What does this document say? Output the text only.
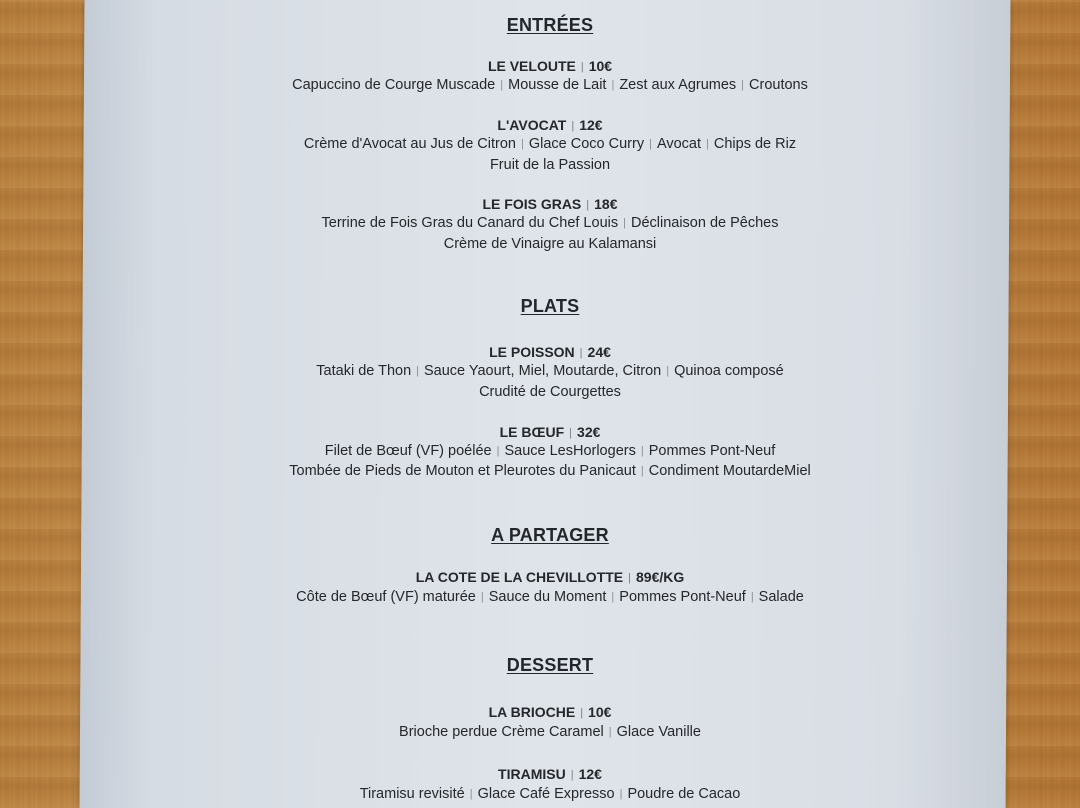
ENTRÉES
LE VELOUTE | 10€
Capuccino de Courge Muscade | Mousse de Lait | Zest aux Agrumes | Croutons
L'AVOCAT | 12€
Crème d'Avocat au Jus de Citron | Glace Coco Curry | Avocat | Chips de Riz
Fruit de la Passion
LE FOIS GRAS | 18€
Terrine de Fois Gras du Canard du Chef Louis | Déclinaison de Pêches
Crème de Vinaigre au Kalamansi
PLATS
LE POISSON | 24€
Tataki de Thon | Sauce Yaourt, Miel, Moutarde, Citron | Quinoa composé
Crudité de Courgettes
LE BŒUF | 32€
Filet de Bœuf (VF) poélée | Sauce LesHorlogers | Pommes Pont-Neuf
Tombée de Pieds de Mouton et Pleurotes du Panicaut | Condiment MoutardeMiel
A PARTAGER
LA COTE DE LA CHEVILLOTTE | 89€/KG
Côte de Bœuf (VF) maturée | Sauce du Moment | Pommes Pont-Neuf | Salade
DESSERT
LA BRIOCHE | 10€
Brioche perdue Crème Caramel | Glace Vanille
TIRAMISU | 12€
Tiramisu revisité | Glace Café Expresso | Poudre de Cacao
